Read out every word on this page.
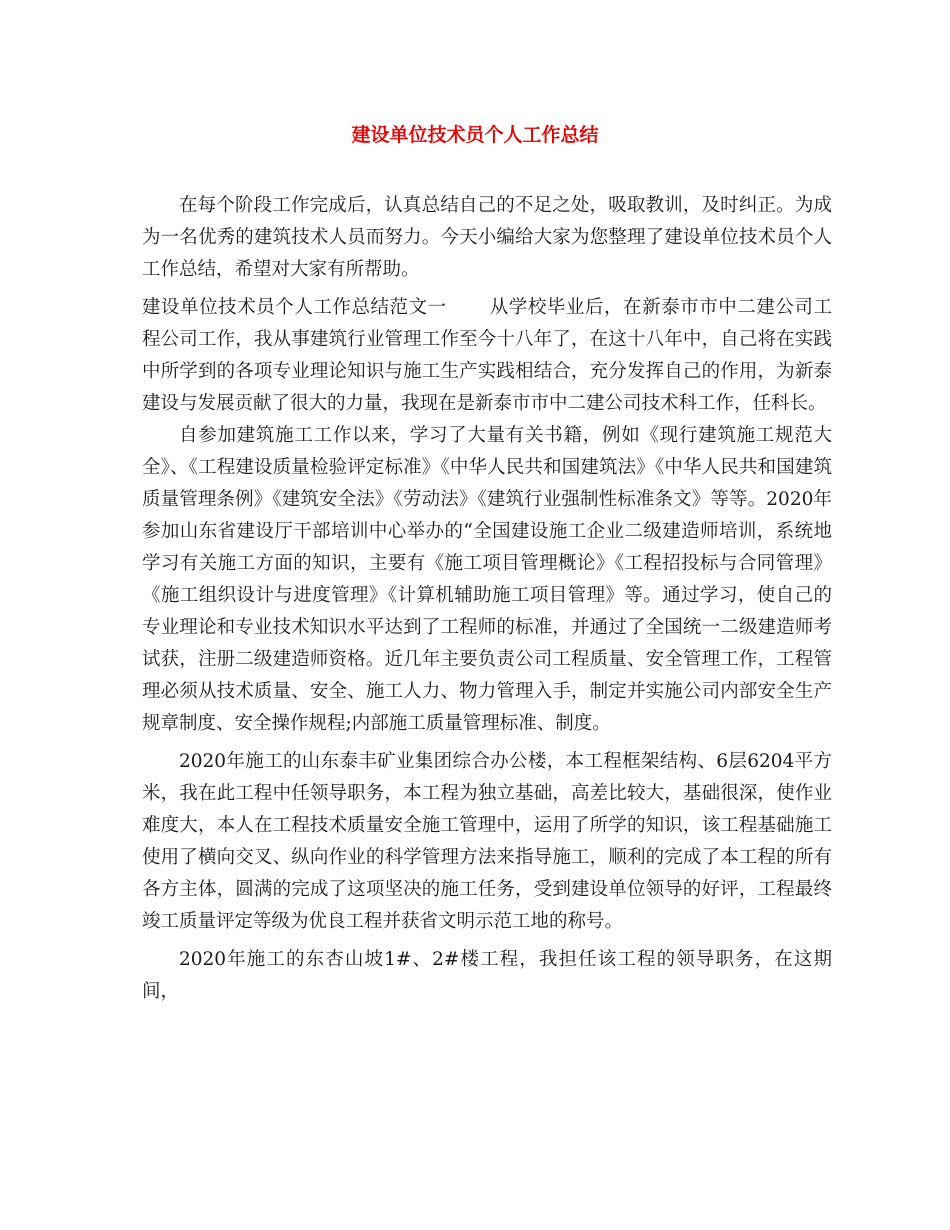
建设单位技术员个人工作总结

在每个阶段工作完成后，认真总结自己的不足之处，吸取教训，及时纠正。为成为一名优秀的建筑技术人员而努力。今天小编给大家为您整理了建设单位技术员个人工作总结，希望对大家有所帮助。

建设单位技术员个人工作总结范文一 从学校毕业后，在新泰市市中二建公司工程公司工作，我从事建筑行业管理工作至今十八年了，在这十八年中，自己将在实践中所学到的各项专业理论知识与施工生产实践相结合，充分发挥自己的作用，为新泰建设与发展贡献了很大的力量，我现在是新泰市市中二建公司技术科工作，任科长。

自参加建筑施工工作以来，学习了大量有关书籍，例如《现行建筑施工规范大全》、《工程建设质量检验评定标准》《中华人民共和国建筑法》《中华人民共和国建筑质量管理条例》《建筑安全法》《劳动法》《建筑行业强制性标准条文》等等。2020年参加山东省建设厅干部培训中心举办的“全国建设施工企业二级建造师培训，系统地学习有关施工方面的知识，主要有《施工项目管理概论》《工程招投标与合同管理》《施工组织设计与进度管理》《计算机辅助施工项目管理》等。通过学习，使自己的专业理论和专业技术知识水平达到了工程师的标准，并通过了全国统一二级建造师考试获，注册二级建造师资格。近几年主要负责公司工程质量、安全管理工作，工程管理必须从技术质量、安全、施工人力、物力管理入手，制定并实施公司内部安全生产规章制度、安全操作规程;内部施工质量管理标准、制度。

2020年施工的山东泰丰矿业集团综合办公楼，本工程框架结构、6层6204平方米，我在此工程中任领导职务，本工程为独立基础，高差比较大，基础很深，使作业难度大，本人在工程技术质量安全施工管理中，运用了所学的知识，该工程基础施工使用了横向交叉、纵向作业的科学管理方法来指导施工，顺利的完成了本工程的所有各方主体，圆满的完成了这项坚决的施工任务，受到建设单位领导的好评，工程最终竣工质量评定等级为优良工程并获省文明示范工地的称号。

2020年施工的东杏山坡1#、2#楼工程，我担任该工程的领导职务，在这期间，
